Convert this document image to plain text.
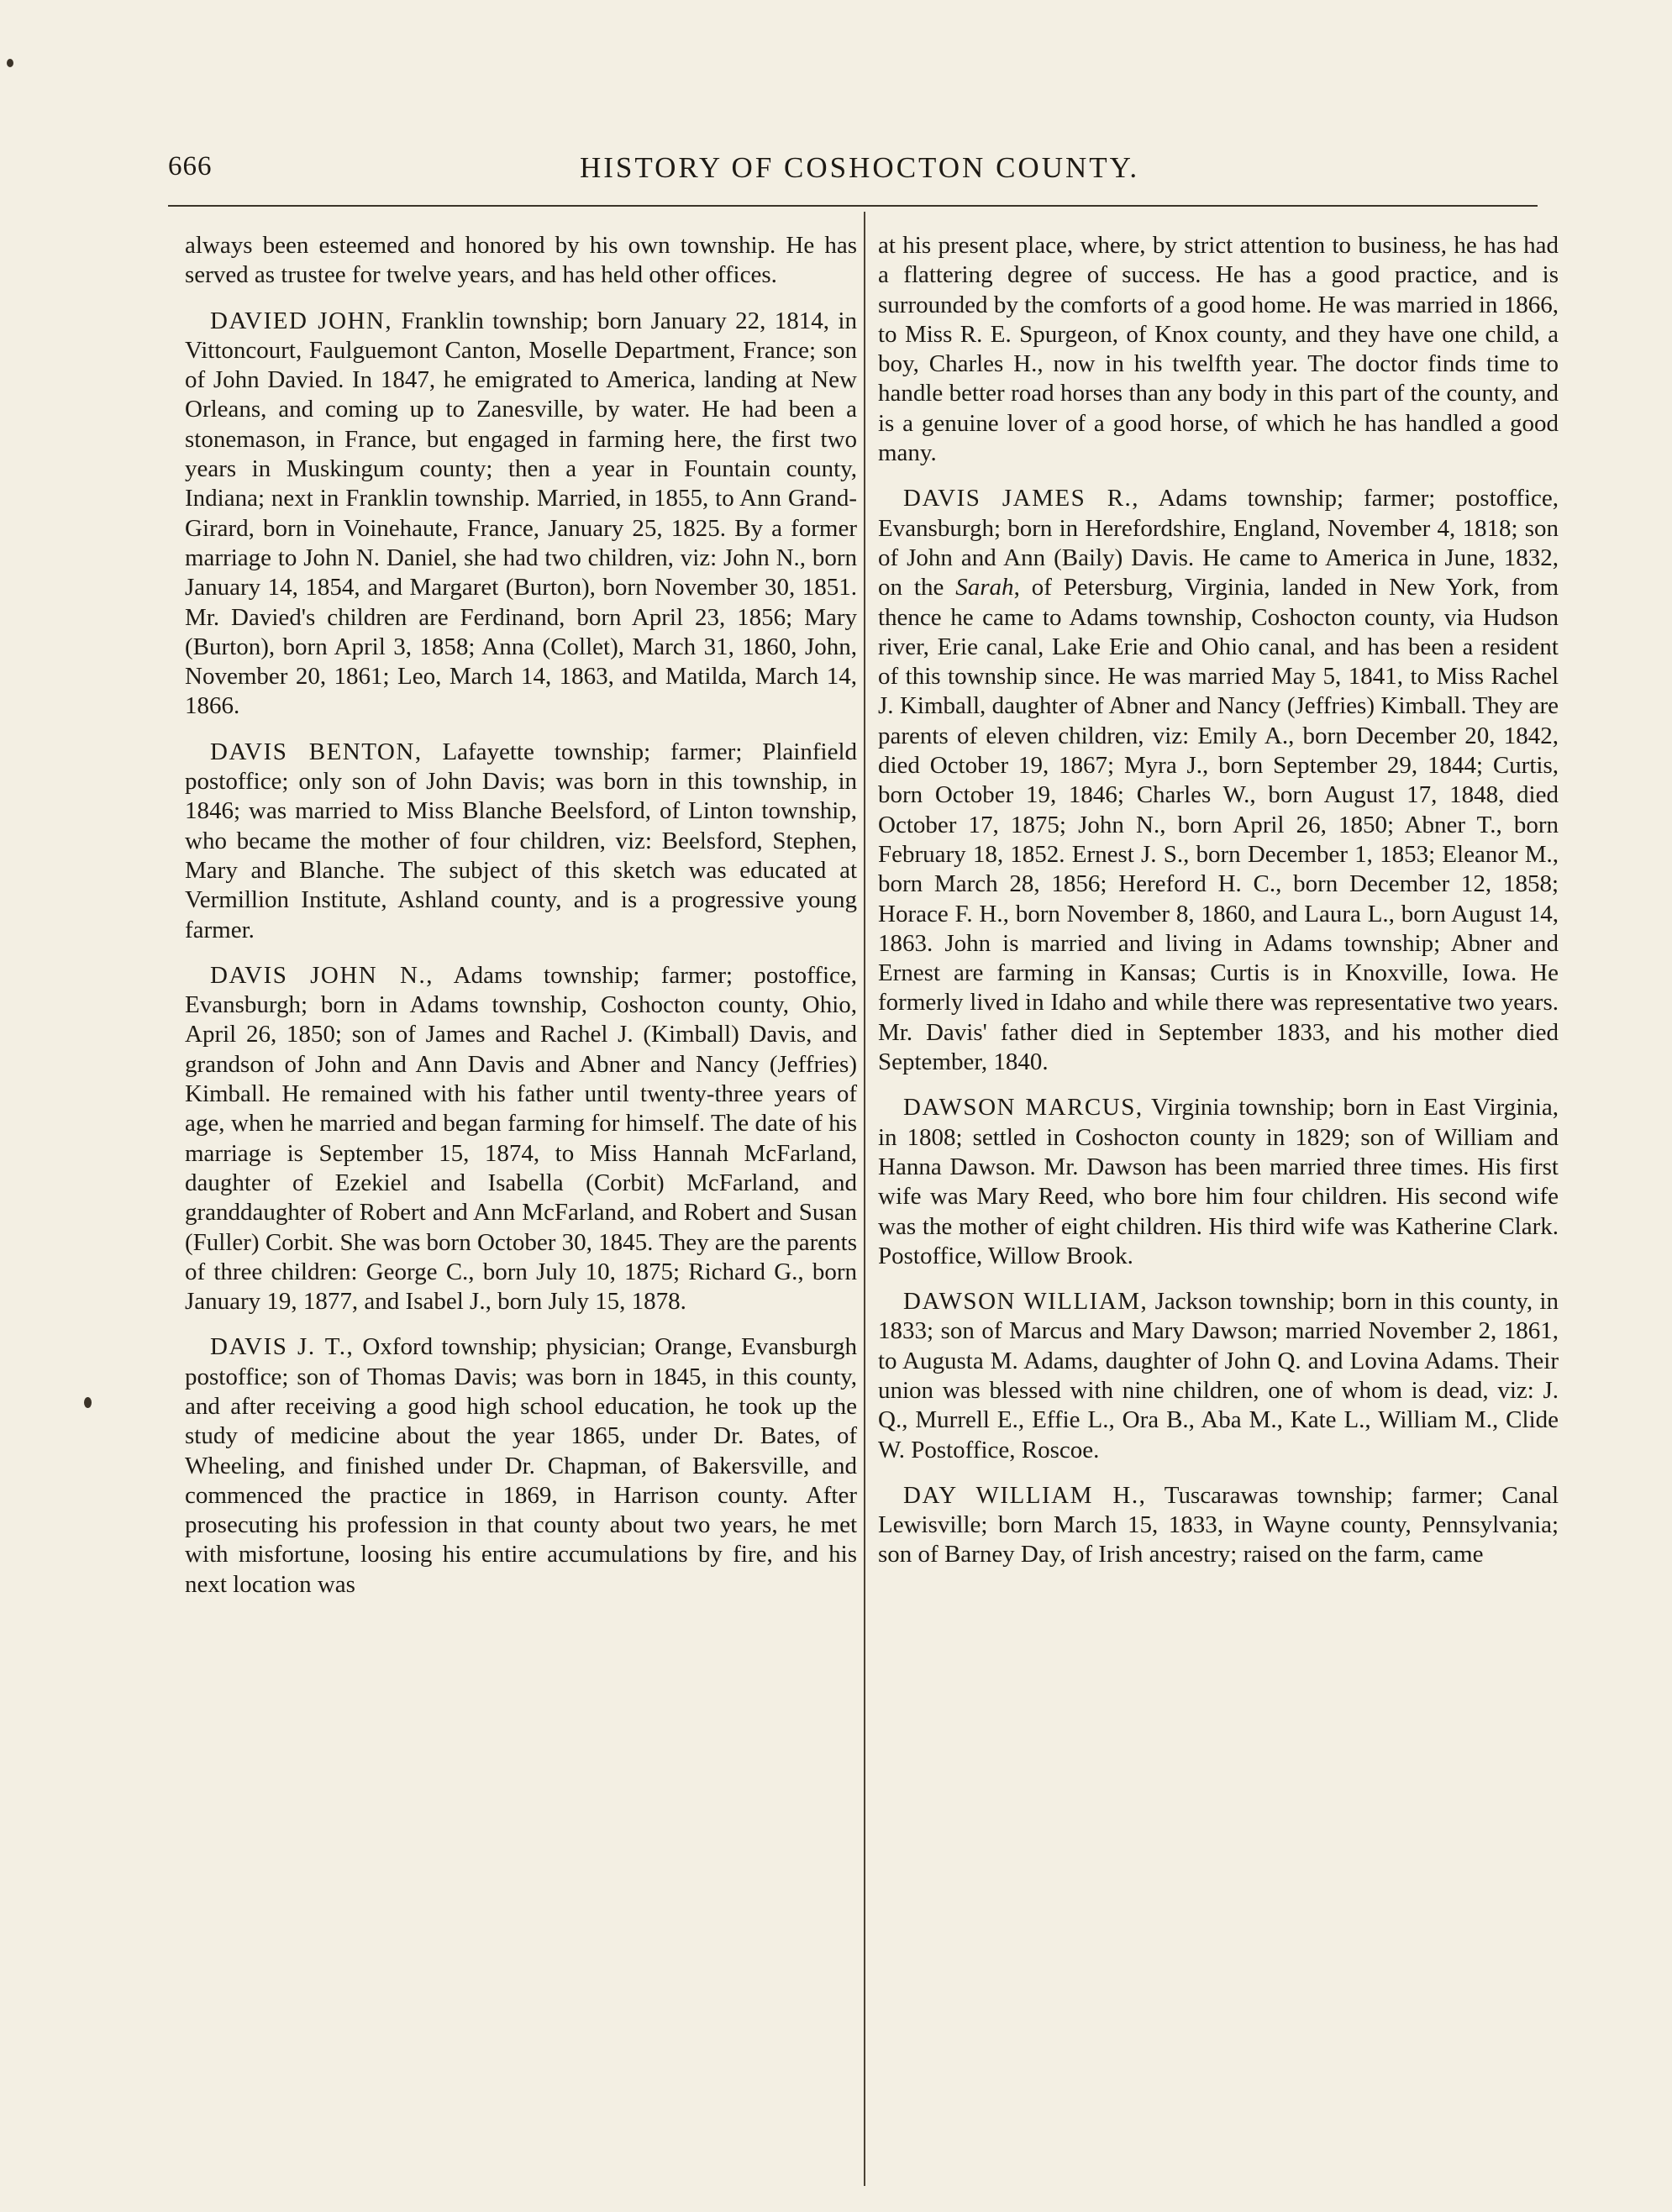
666	HISTORY OF COSHOCTON COUNTY.

always been esteemed and honored by his own township. He has served as trustee for twelve years, and has held other offices.

DAVIED JOHN, Franklin township; born January 22, 1814, in Vittoncourt, Faulguemont Canton, Moselle Department, France; son of John Davied. In 1847, he emigrated to America, landing at New Orleans, and coming up to Zanesville, by water. He had been a stonemason, in France, but engaged in farming here, the first two years in Muskingum county; then a year in Fountain county, Indiana; next in Franklin township. Married, in 1855, to Ann Grand-Girard, born in Voinehaute, France, January 25, 1825. By a former marriage to John N. Daniel, she had two children, viz: John N., born January 14, 1854, and Margaret (Burton), born November 30, 1851. Mr. Davied's children are Ferdinand, born April 23, 1856; Mary (Burton), born April 3, 1858; Anna (Collet), March 31, 1860, John, November 20, 1861; Leo, March 14, 1863, and Matilda, March 14, 1866.

DAVIS BENTON, Lafayette township; farmer; Plainfield postoffice; only son of John Davis; was born in this township, in 1846; was married to Miss Blanche Beelsford, of Linton township, who became the mother of four children, viz: Beelsford, Stephen, Mary and Blanche. The subject of this sketch was educated at Vermillion Institute, Ashland county, and is a progressive young farmer.

DAVIS JOHN N., Adams township; farmer; postoffice, Evansburgh; born in Adams township, Coshocton county, Ohio, April 26, 1850; son of James and Rachel J. (Kimball) Davis, and grandson of John and Ann Davis and Abner and Nancy (Jeffries) Kimball. He remained with his father until twenty-three years of age, when he married and began farming for himself. The date of his marriage is September 15, 1874, to Miss Hannah McFarland, daughter of Ezekiel and Isabella (Corbit) McFarland, and granddaughter of Robert and Ann McFarland, and Robert and Susan (Fuller) Corbit. She was born October 30, 1845. They are the parents of three children: George C., born July 10, 1875; Richard G., born January 19, 1877, and Isabel J., born July 15, 1878.

DAVIS J. T., Oxford township; physician; Orange, Evansburgh postoffice; son of Thomas Davis; was born in 1845, in this county, and after receiving a good high school education, he took up the study of medicine about the year 1865, under Dr. Bates, of Wheeling, and finished under Dr. Chapman, of Bakersville, and commenced the practice in 1869, in Harrison county. After prosecuting his profession in that county about two years, he met with misfortune, loosing his entire accumulations by fire, and his next location was

at his present place, where, by strict attention to business, he has had a flattering degree of success. He has a good practice, and is surrounded by the comforts of a good home. He was married in 1866, to Miss R. E. Spurgeon, of Knox county, and they have one child, a boy, Charles H., now in his twelfth year. The doctor finds time to handle better road horses than any body in this part of the county, and is a genuine lover of a good horse, of which he has handled a good many.

DAVIS JAMES R., Adams township; farmer; postoffice, Evansburgh; born in Herefordshire, England, November 4, 1818; son of John and Ann (Baily) Davis. He came to America in June, 1832, on the Sarah, of Petersburg, Virginia, landed in New York, from thence he came to Adams township, Coshocton county, via Hudson river, Erie canal, Lake Erie and Ohio canal, and has been a resident of this township since. He was married May 5, 1841, to Miss Rachel J. Kimball, daughter of Abner and Nancy (Jeffries) Kimball. They are parents of eleven children, viz: Emily A., born December 20, 1842, died October 19, 1867; Myra J., born September 29, 1844; Curtis, born October 19, 1846; Charles W., born August 17, 1848, died October 17, 1875; John N., born April 26, 1850; Abner T., born February 18, 1852. Ernest J. S., born December 1, 1853; Eleanor M., born March 28, 1856; Hereford H. C., born December 12, 1858; Horace F. H., born November 8, 1860, and Laura L., born August 14, 1863. John is married and living in Adams township; Abner and Ernest are farming in Kansas; Curtis is in Knoxville, Iowa. He formerly lived in Idaho and while there was representative two years. Mr. Davis' father died in September 1833, and his mother died September, 1840.

DAWSON MARCUS, Virginia township; born in East Virginia, in 1808; settled in Coshocton county in 1829; son of William and Hanna Dawson. Mr. Dawson has been married three times. His first wife was Mary Reed, who bore him four children. His second wife was the mother of eight children. His third wife was Katherine Clark. Postoffice, Willow Brook.

DAWSON WILLIAM, Jackson township; born in this county, in 1833; son of Marcus and Mary Dawson; married November 2, 1861, to Augusta M. Adams, daughter of John Q. and Lovina Adams. Their union was blessed with nine children, one of whom is dead, viz: J. Q., Murrell E., Effie L., Ora B., Aba M., Kate L., William M., Clide W. Postoffice, Roscoe.

DAY WILLIAM H., Tuscarawas township; farmer; Canal Lewisville; born March 15, 1833, in Wayne county, Pennsylvania; son of Barney Day, of Irish ancestry; raised on the farm, came
